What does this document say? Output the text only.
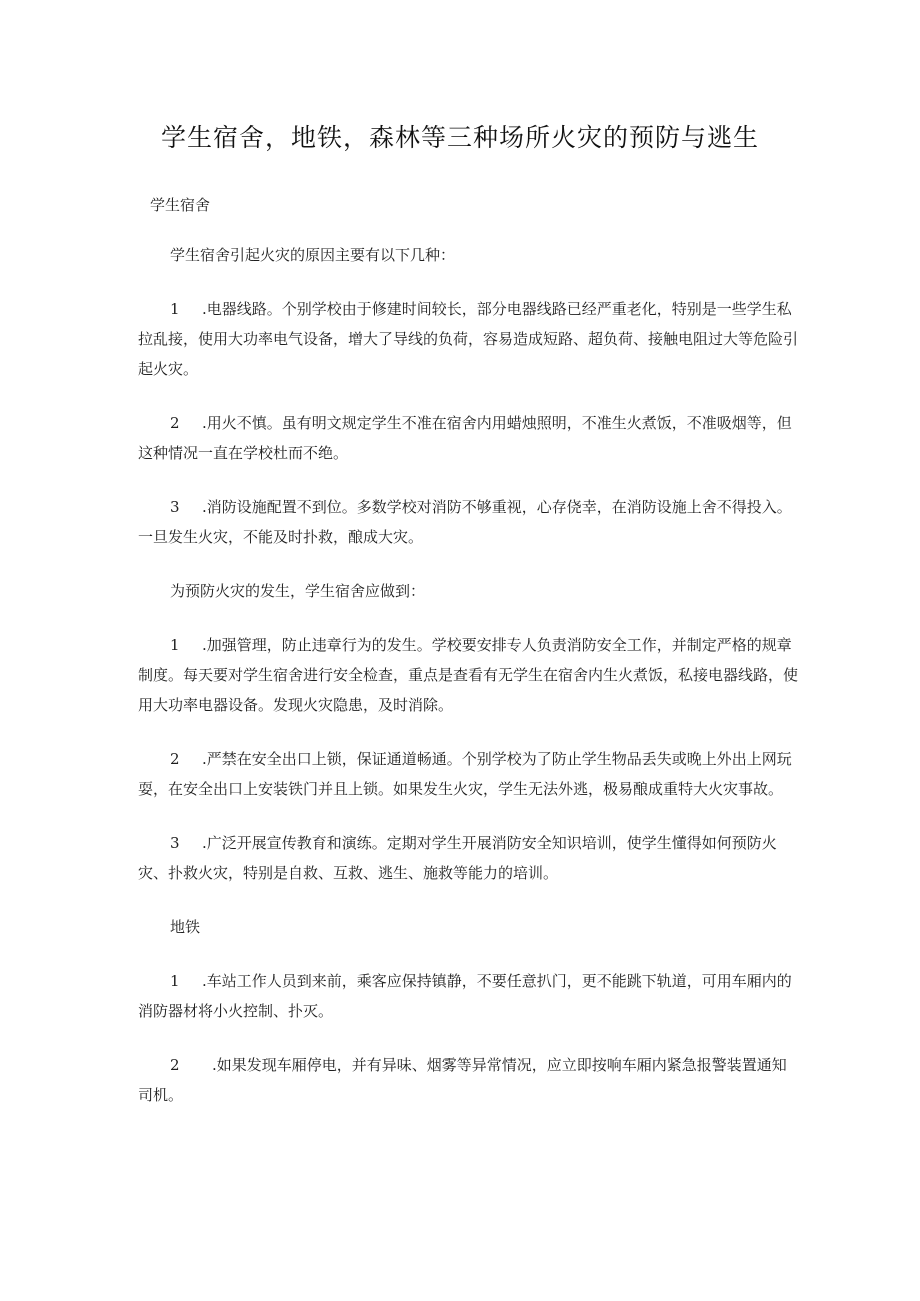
学生宿舍，地铁，森林等三种场所火灾的预防与逃生

学生宿舍

学生宿舍引起火灾的原因主要有以下几种：

1 .电器线路。个别学校由于修建时间较长，部分电器线路已经严重老化，特别是一些学生私拉乱接，使用大功率电气设备，增大了导线的负荷，容易造成短路、超负荷、接触电阻过大等危险引起火灾。

2 .用火不慎。虽有明文规定学生不准在宿舍内用蜡烛照明，不准生火煮饭，不准吸烟等，但这种情况一直在学校杜而不绝。

3 .消防设施配置不到位。多数学校对消防不够重视，心存侥幸，在消防设施上舍不得投入。一旦发生火灾，不能及时扑救，酿成大灾。

为预防火灾的发生，学生宿舍应做到：

1 .加强管理，防止违章行为的发生。学校要安排专人负责消防安全工作，并制定严格的规章制度。每天要对学生宿舍进行安全检查，重点是查看有无学生在宿舍内生火煮饭，私接电器线路，使用大功率电器设备。发现火灾隐患，及时消除。

2 .严禁在安全出口上锁，保证通道畅通。个别学校为了防止学生物品丢失或晚上外出上网玩耍，在安全出口上安装铁门并且上锁。如果发生火灾，学生无法外逃，极易酿成重特大火灾事故。

3 .广泛开展宣传教育和演练。定期对学生开展消防安全知识培训，使学生懂得如何预防火灾、扑救火灾，特别是自救、互救、逃生、施救等能力的培训。

地铁

1 .车站工作人员到来前，乘客应保持镇静，不要任意扒门，更不能跳下轨道，可用车厢内的消防器材将小火控制、扑灭。

2 .如果发现车厢停电，并有异味、烟雾等异常情况，应立即按响车厢内紧急报警装置通知司机。
